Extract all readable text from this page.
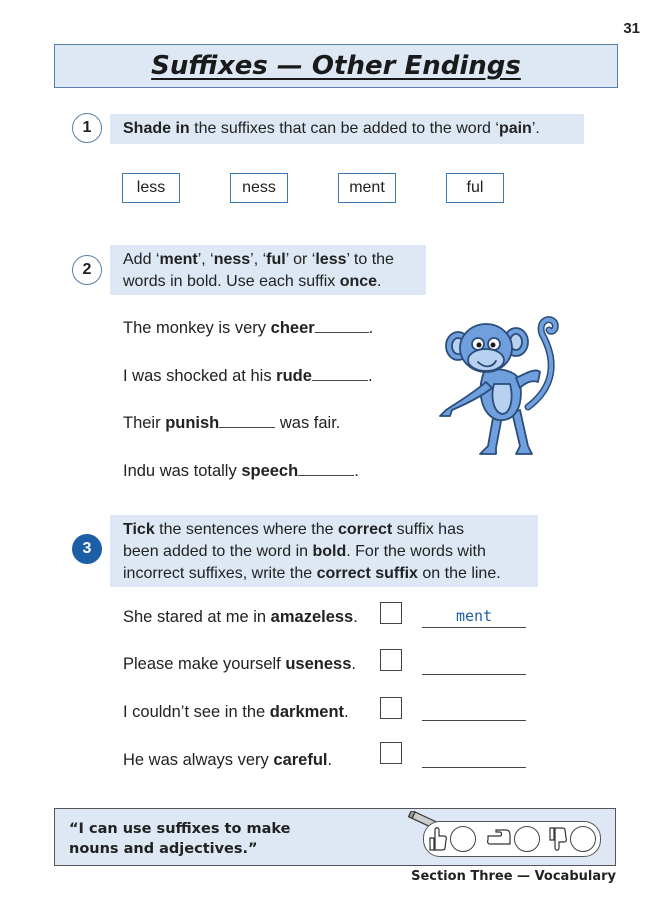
31
Suffixes — Other Endings
1	Shade in the suffixes that can be added to the word ‘pain’.
less	ness	ment	ful
2
Add ‘ment’, ‘ness’, ‘ful’ or ‘less’ to the
words in bold. Use each suffix once.
The monkey is very cheer	.
I was shocked at his rude	.
Their punish	was fair.
Indu was totally speech	.
3
Tick the sentences where the correct suffix has
been added to the word in bold. For the words with
incorrect suffixes, write the correct suffix on the line.
She stared at me in amazeless.	ment
Please make yourself useness.
I couldn’t see in the darkment.
He was always very careful.
“I can use suffixes to make
nouns and adjectives.”
Section Three — Vocabulary
